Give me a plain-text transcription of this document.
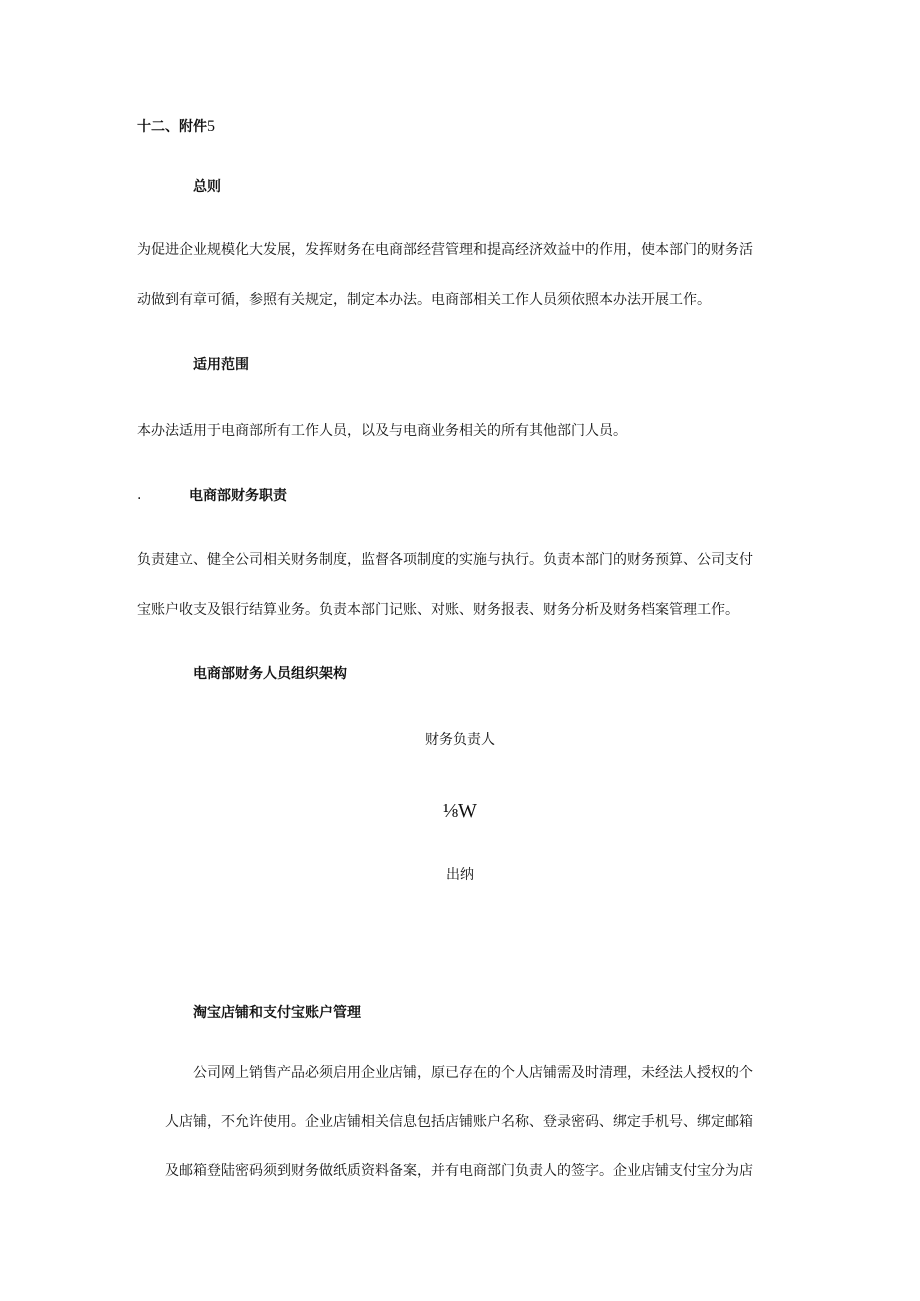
十二、附件5
总则
为促进企业规模化大发展，发挥财务在电商部经营管理和提高经济效益中的作用，使本部门的财务活
动做到有章可循，参照有关规定，制定本办法。电商部相关工作人员须依照本办法开展工作。
适用范围
本办法适用于电商部所有工作人员，以及与电商业务相关的所有其他部门人员。
.	电商部财务职责
负责建立、健全公司相关财务制度，监督各项制度的实施与执行。负责本部门的财务预算、公司支付
宝账户收支及银行结算业务。负责本部门记账、对账、财务报表、财务分析及财务档案管理工作。
电商部财务人员组织架构
财务负责人
⅛W
出纳
淘宝店铺和支付宝账户管理
公司网上销售产品必须启用企业店铺，原已存在的个人店铺需及时清理，未经法人授权的个
人店铺，不允许使用。企业店铺相关信息包括店铺账户名称、登录密码、绑定手机号、绑定邮箱
及邮箱登陆密码须到财务做纸质资料备案，并有电商部门负责人的签字。企业店铺支付宝分为店
